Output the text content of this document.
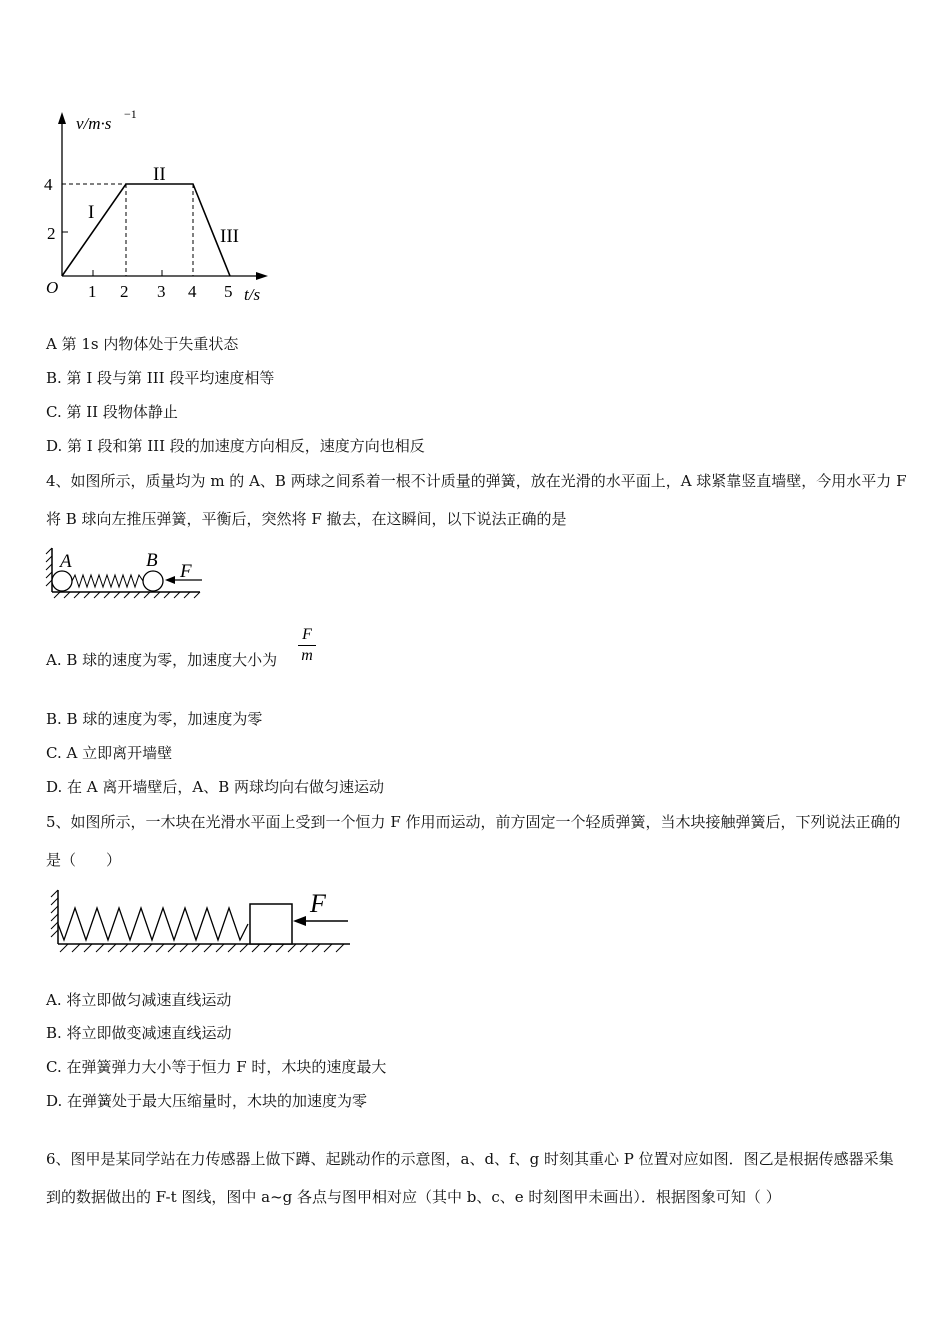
v/m·s −1
4
2
O 1 2 3 4 5 t/s
I
II
III
A 第 1s 内物体处于失重状态
B. 第 I 段与第 III 段平均速度相等
C. 第 II 段物体静止
D. 第 I 段和第 III 段的加速度方向相反，速度方向也相反
4、如图所示，质量均为 m 的 A、B 两球之间系着一根不计质量的弹簧，放在光滑的水平面上，A 球紧靠竖直墙壁，今用水平力 F 将 B 球向左推压弹簧，平衡后，突然将 F 撤去，在这瞬间，以下说法正确的是
A	B
F
A. B 球的速度为零，加速度大小为 $\frac{F}{m}$
B. B 球的速度为零，加速度为零
C. A 立即离开墙壁
D. 在 A 离开墙壁后，A、B 两球均向右做匀速运动
5、如图所示，一木块在光滑水平面上受到一个恒力 F 作用而运动，前方固定一个轻质弹簧，当木块接触弹簧后，下列说法正确的是（　　）
F
A. 将立即做匀减速直线运动
B. 将立即做变减速直线运动
C. 在弹簧弹力大小等于恒力 F 时，木块的速度最大
D. 在弹簧处于最大压缩量时，木块的加速度为零
6、图甲是某同学站在力传感器上做下蹲、起跳动作的示意图，a、d、f、g 时刻其重心 P 位置对应如图．图乙是根据传感器采集到的数据做出的 F-t 图线，图中 a~g 各点与图甲相对应（其中 b、c、e 时刻图甲未画出）．根据图象可知（ ）
